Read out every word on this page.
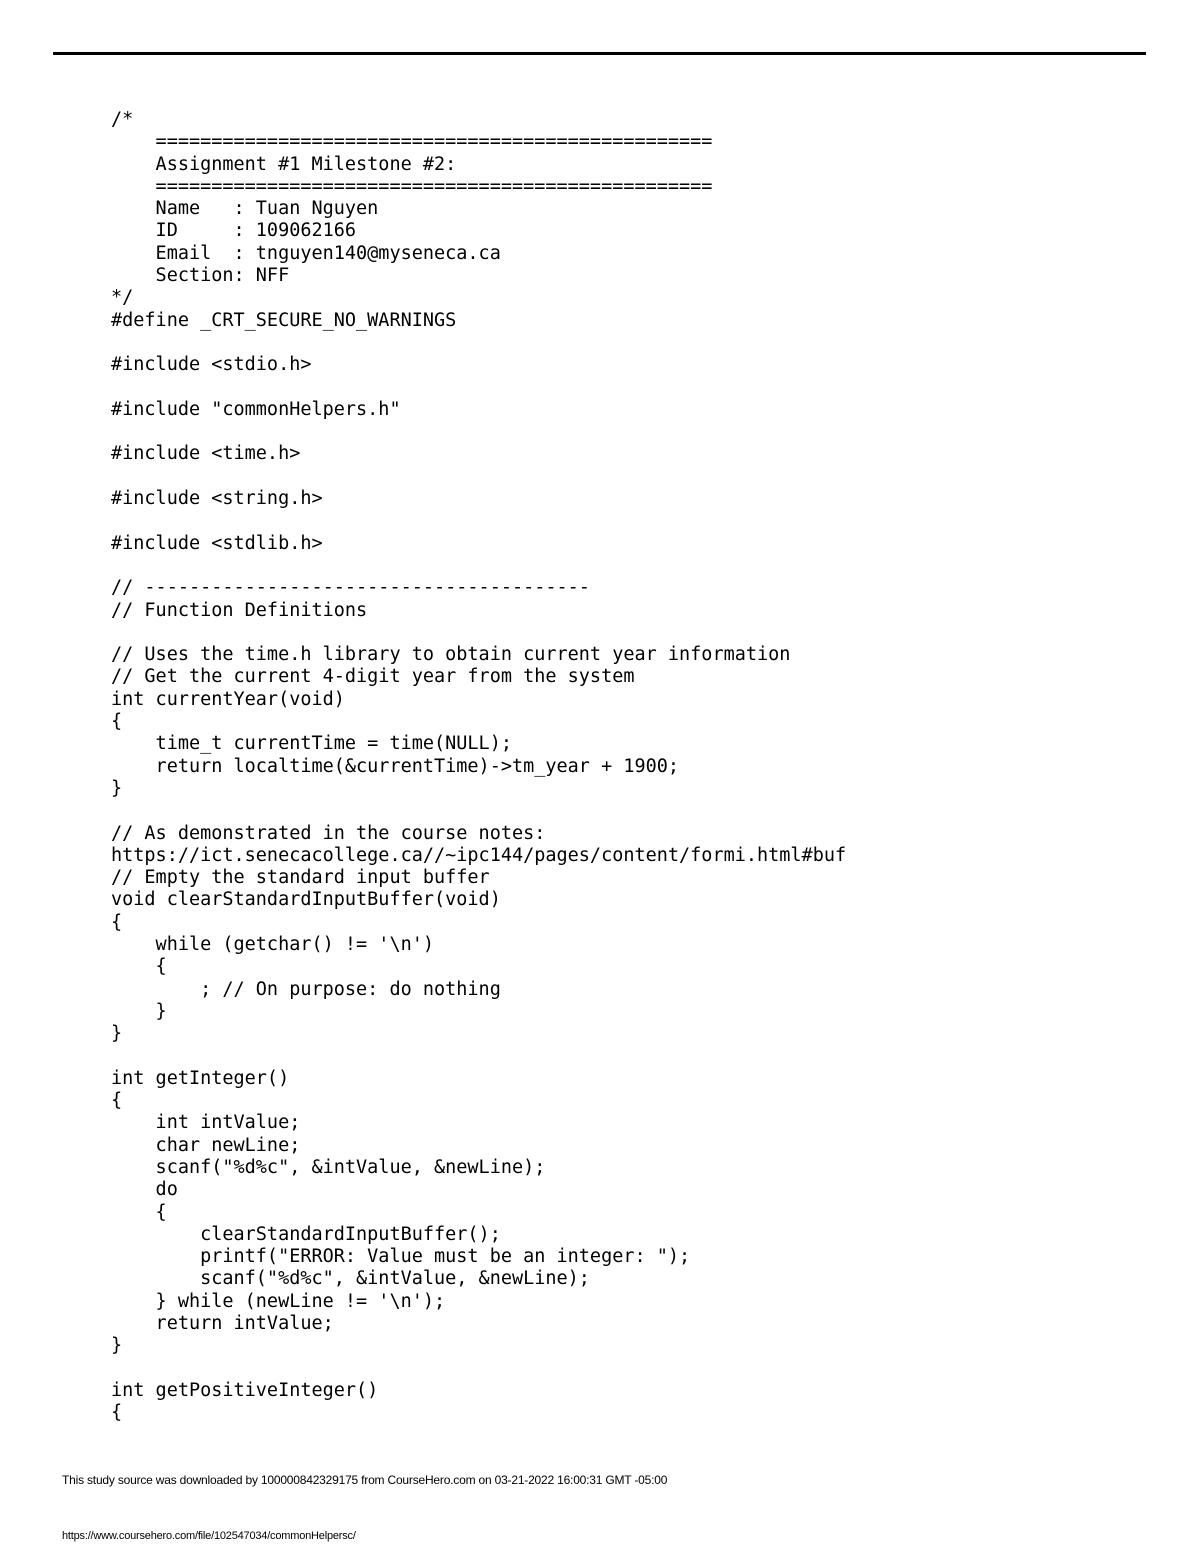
/*
==================================================
Assignment #1 Milestone #2:
==================================================
Name   : Tuan Nguyen
ID     : 109062166
Email  : tnguyen140@myseneca.ca
Section: NFF
*/
#define _CRT_SECURE_NO_WARNINGS
#include <stdio.h>
#include "commonHelpers.h"
#include <time.h>
#include <string.h>
#include <stdlib.h>
// ----------------------------------------
// Function Definitions
// Uses the time.h library to obtain current year information
// Get the current 4-digit year from the system
int currentYear(void)
{
time_t currentTime = time(NULL);
return localtime(&currentTime)->tm_year + 1900;
}
// As demonstrated in the course notes:
https://ict.senecacollege.ca//~ipc144/pages/content/formi.html#buf
// Empty the standard input buffer
void clearStandardInputBuffer(void)
{
while (getchar() != '\n')
{
; // On purpose: do nothing
}
}
int getInteger()
{
int intValue;
char newLine;
scanf("%d%c", &intValue, &newLine);
do
{
clearStandardInputBuffer();
printf("ERROR: Value must be an integer: ");
scanf("%d%c", &intValue, &newLine);
} while (newLine != '\n');
return intValue;
}
int getPositiveInteger()
{
This study source was downloaded by 100000842329175 from CourseHero.com on 03-21-2022 16:00:31 GMT -05:00
https://www.coursehero.com/file/102547034/commonHelpersc/
